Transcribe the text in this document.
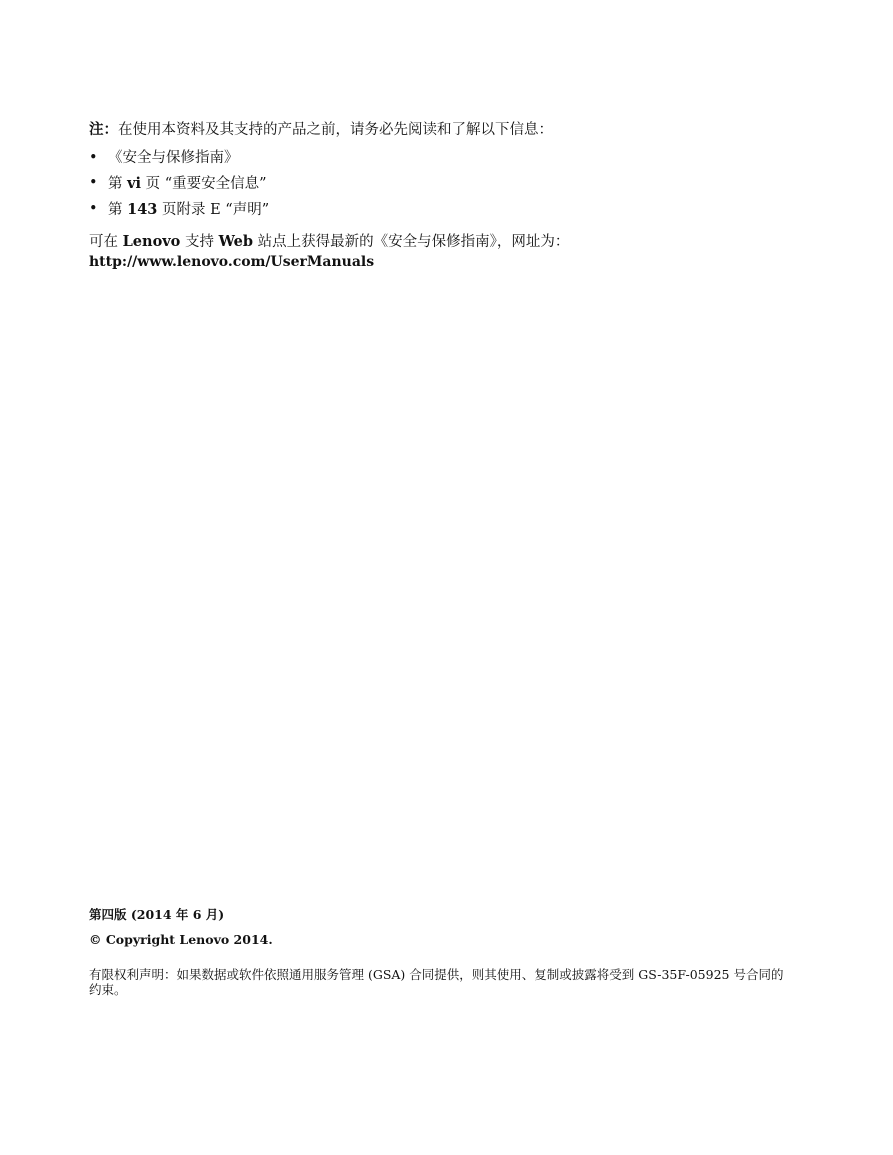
注：在使用本资料及其支持的产品之前，请务必先阅读和了解以下信息：

• 《安全与保修指南》
• 第 vi 页 “重要安全信息”
• 第 143 页附录 E “声明”

可在 Lenovo 支持 Web 站点上获得最新的《安全与保修指南》，网址为：
http://www.lenovo.com/UserManuals

第四版 (2014 年 6 月)

© Copyright Lenovo 2014.

有限权利声明：如果数据或软件依照通用服务管理 (GSA) 合同提供，则其使用、复制或披露将受到 GS-35F-05925 号合同的约束。
